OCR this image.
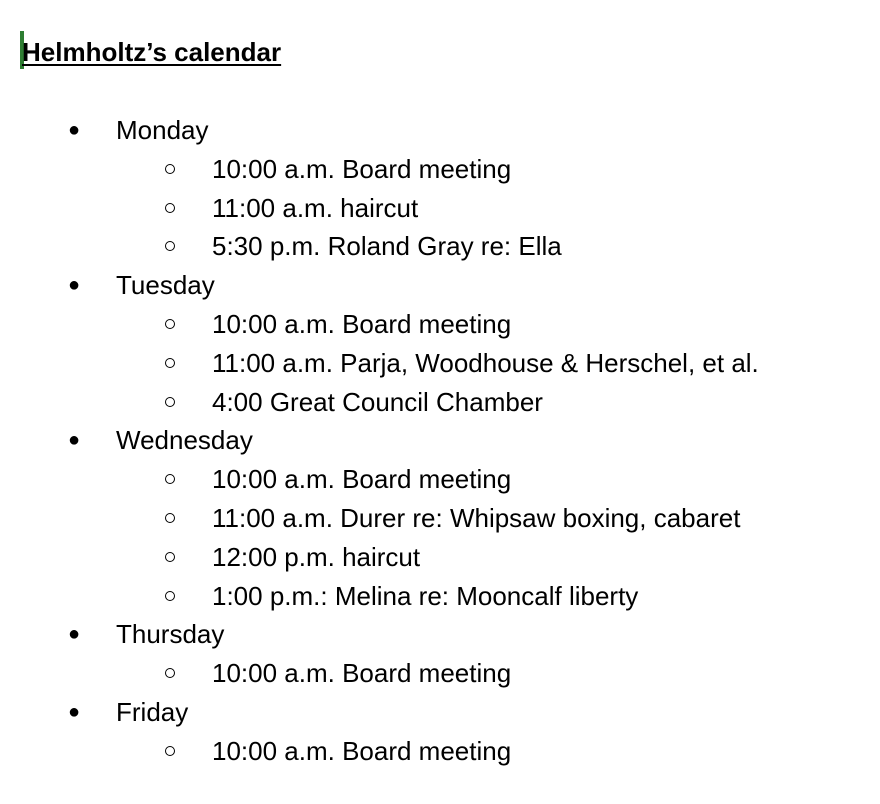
Helmholtz’s calendar
● Monday
10:00 a.m. Board meeting
11:00 a.m. haircut
5:30 p.m. Roland Gray re: Ella
● Tuesday
10:00 a.m. Board meeting
11:00 a.m. Parja, Woodhouse & Herschel, et al.
4:00 Great Council Chamber
● Wednesday
10:00 a.m. Board meeting
11:00 a.m. Durer re: Whipsaw boxing, cabaret
12:00 p.m. haircut
1:00 p.m.: Melina re: Mooncalf liberty
● Thursday
10:00 a.m. Board meeting
● Friday
10:00 a.m. Board meeting
